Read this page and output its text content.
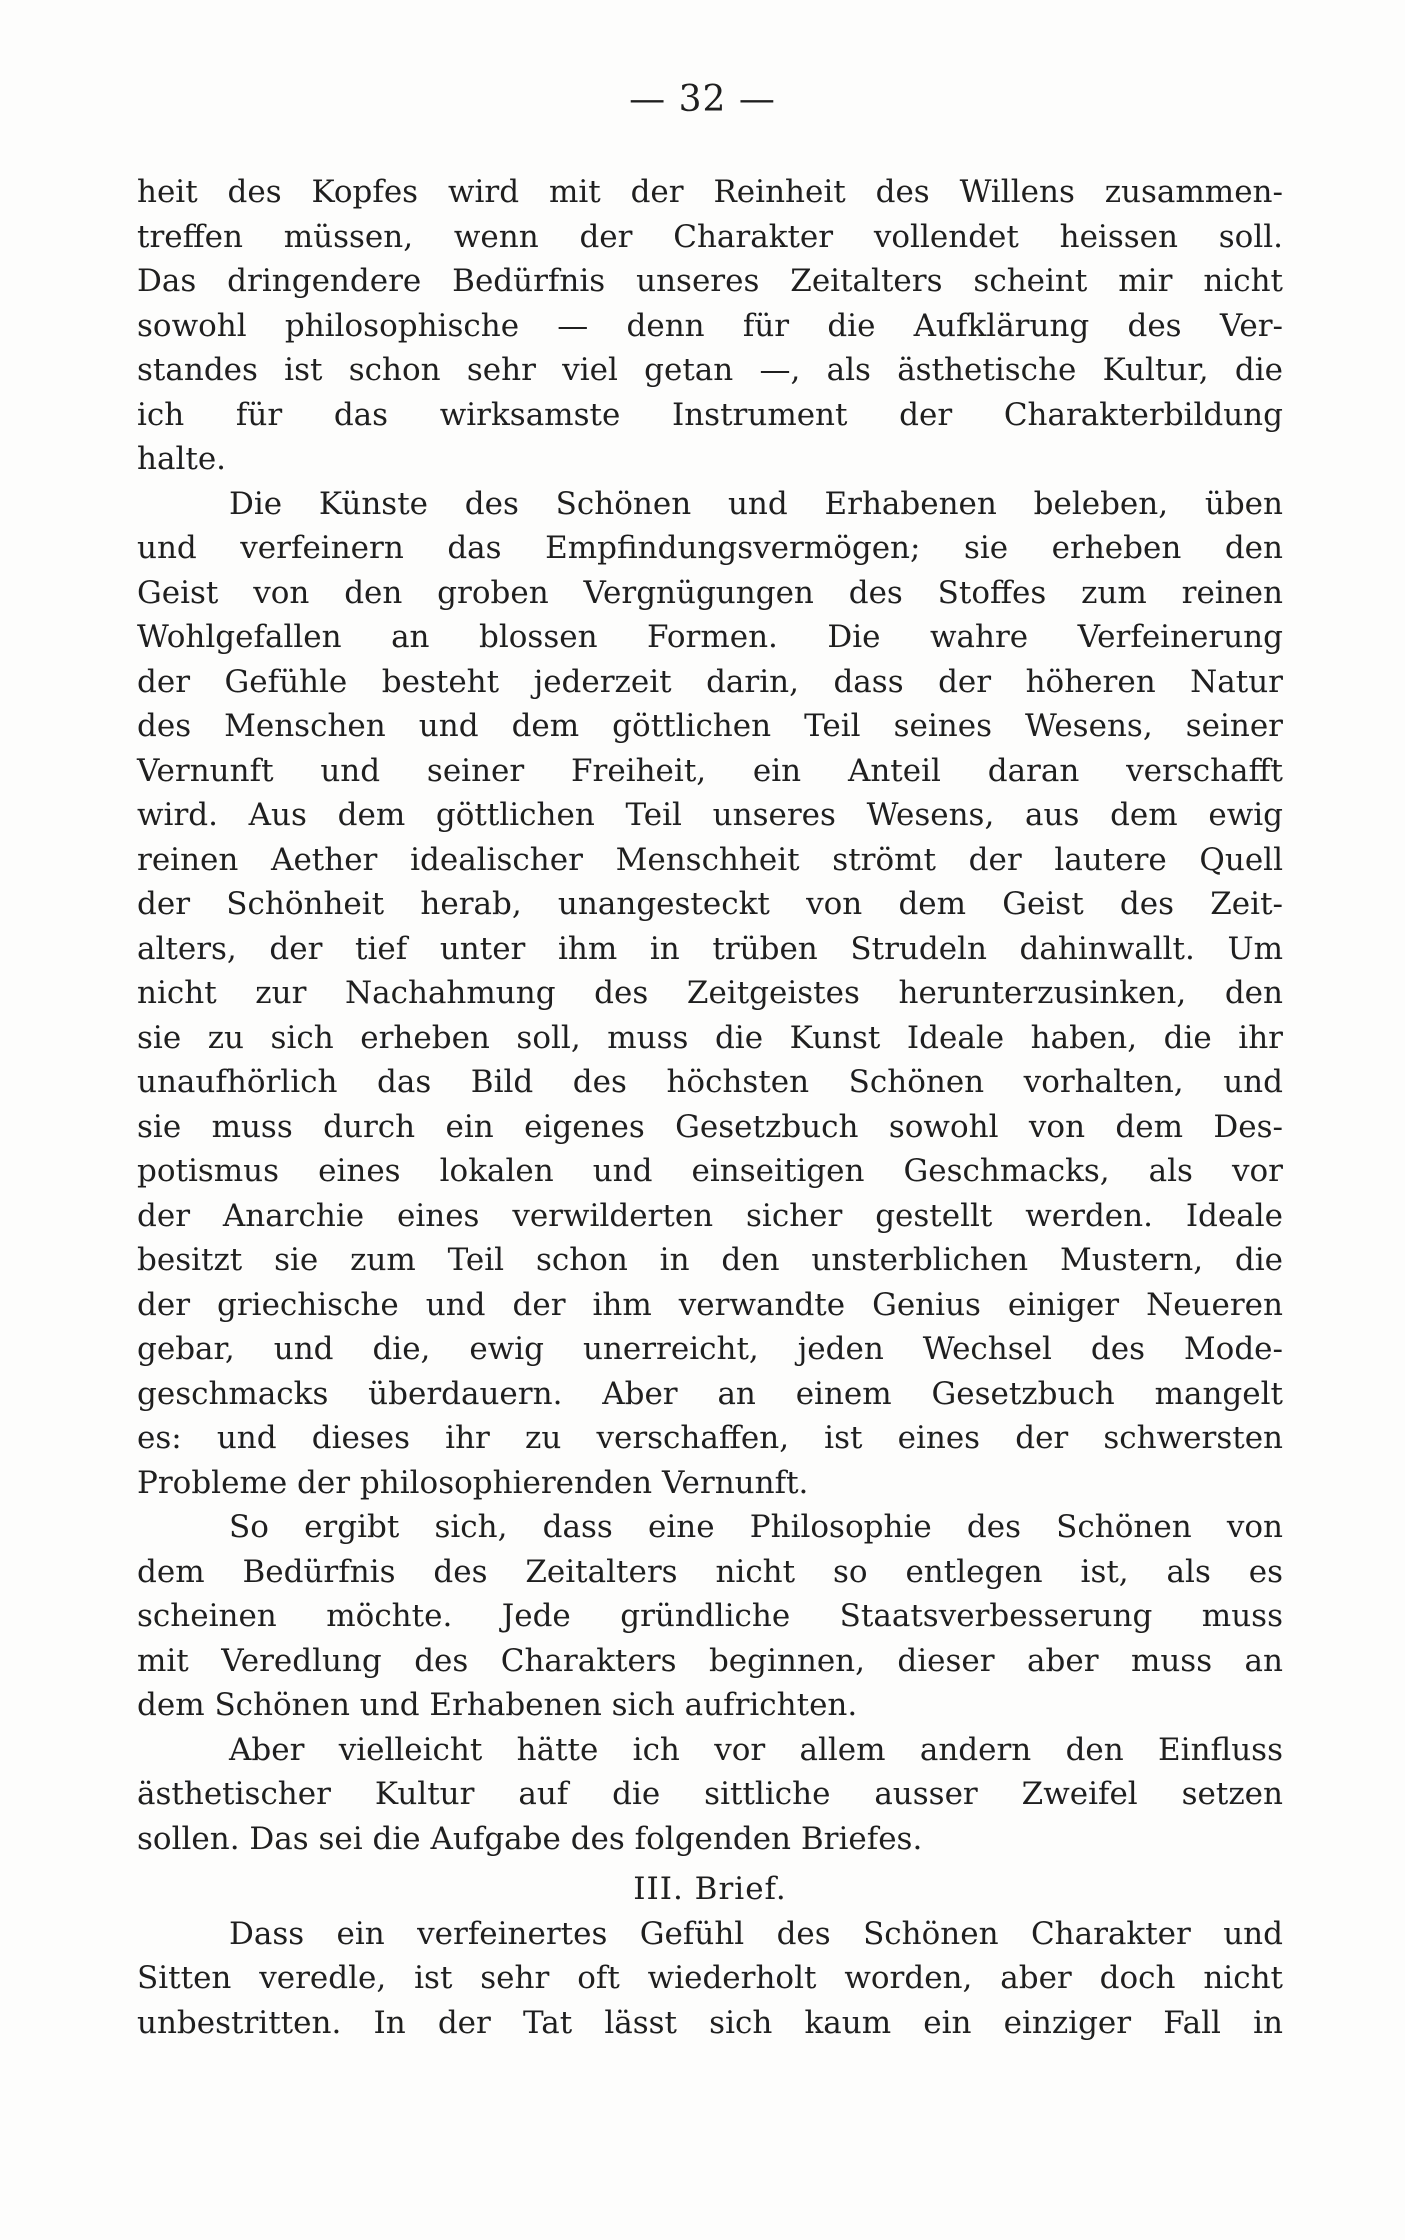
— 32 —
heit des Kopfes wird mit der Reinheit des Willens zusammen-
treffen müssen, wenn der Charakter vollendet heissen soll.
Das dringendere Bedürfnis unseres Zeitalters scheint mir nicht
sowohl philosophische — denn für die Aufklärung des Ver-
standes ist schon sehr viel getan —, als ästhetische Kultur, die
ich für das wirksamste Instrument der Charakterbildung
halte.
Die Künste des Schönen und Erhabenen beleben, üben
und verfeinern das Empfindungsvermögen; sie erheben den
Geist von den groben Vergnügungen des Stoffes zum reinen
Wohlgefallen an blossen Formen. Die wahre Verfeinerung
der Gefühle besteht jederzeit darin, dass der höheren Natur
des Menschen und dem göttlichen Teil seines Wesens, seiner
Vernunft und seiner Freiheit, ein Anteil daran verschafft
wird. Aus dem göttlichen Teil unseres Wesens, aus dem ewig
reinen Aether idealischer Menschheit strömt der lautere Quell
der Schönheit herab, unangesteckt von dem Geist des Zeit-
alters, der tief unter ihm in trüben Strudeln dahinwallt. Um
nicht zur Nachahmung des Zeitgeistes herunterzusinken, den
sie zu sich erheben soll, muss die Kunst Ideale haben, die ihr
unaufhörlich das Bild des höchsten Schönen vorhalten, und
sie muss durch ein eigenes Gesetzbuch sowohl von dem Des-
potismus eines lokalen und einseitigen Geschmacks, als vor
der Anarchie eines verwilderten sicher gestellt werden. Ideale
besitzt sie zum Teil schon in den unsterblichen Mustern, die
der griechische und der ihm verwandte Genius einiger Neueren
gebar, und die, ewig unerreicht, jeden Wechsel des Mode-
geschmacks überdauern. Aber an einem Gesetzbuch mangelt
es: und dieses ihr zu verschaffen, ist eines der schwersten
Probleme der philosophierenden Vernunft.
So ergibt sich, dass eine Philosophie des Schönen von
dem Bedürfnis des Zeitalters nicht so entlegen ist, als es
scheinen möchte. Jede gründliche Staatsverbesserung muss
mit Veredlung des Charakters beginnen, dieser aber muss an
dem Schönen und Erhabenen sich aufrichten.
Aber vielleicht hätte ich vor allem andern den Einfluss
ästhetischer Kultur auf die sittliche ausser Zweifel setzen
sollen. Das sei die Aufgabe des folgenden Briefes.
III. Brief.
Dass ein verfeinertes Gefühl des Schönen Charakter und
Sitten veredle, ist sehr oft wiederholt worden, aber doch nicht
unbestritten. In der Tat lässt sich kaum ein einziger Fall in
